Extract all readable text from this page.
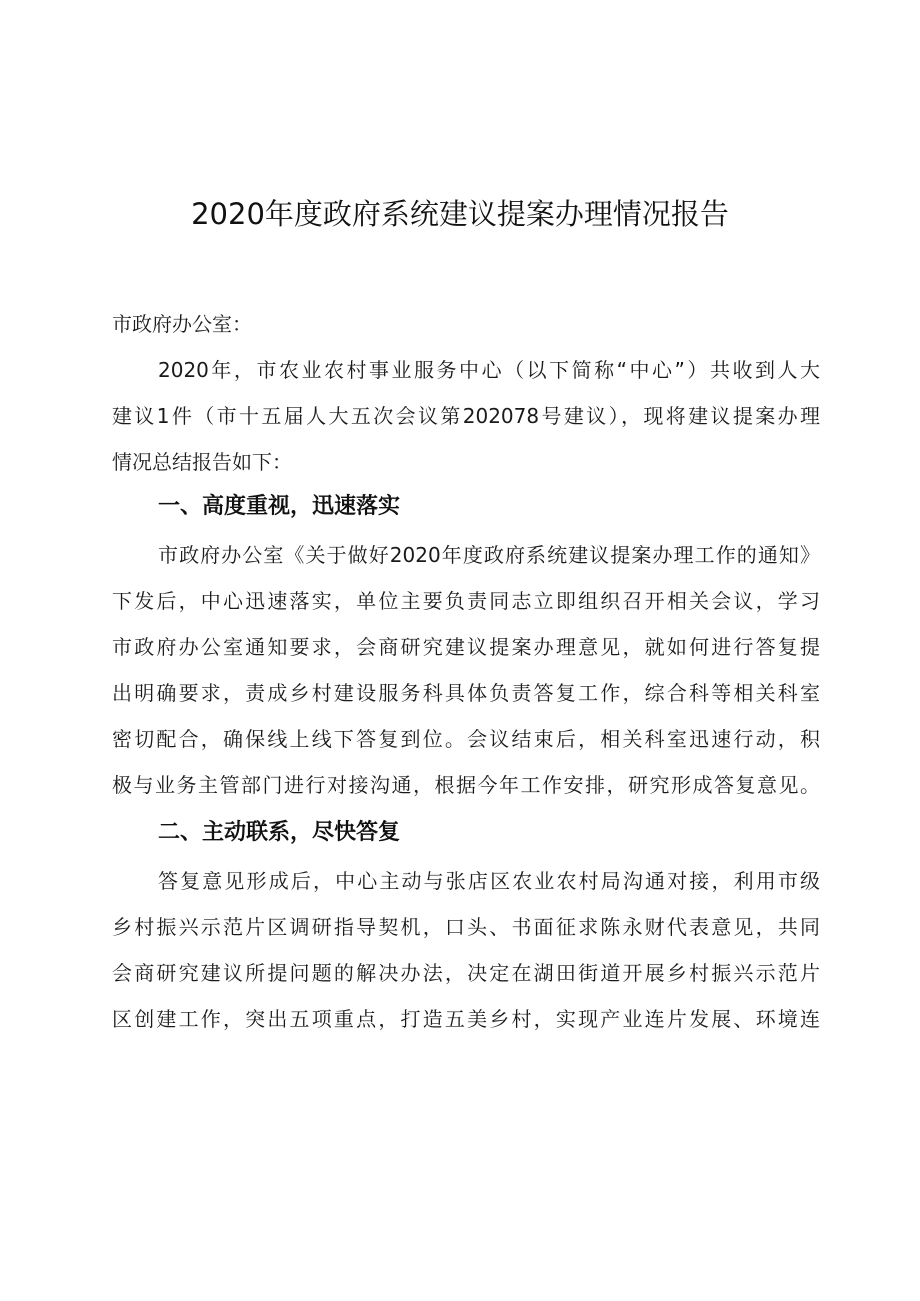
2020年度政府系统建议提案办理情况报告
市政府办公室：
2020年，市农业农村事业服务中心（以下简称“中心”）共收到人大
建议1件（市十五届人大五次会议第202078号建议），现将建议提案办理
情况总结报告如下：
一、高度重视，迅速落实
市政府办公室《关于做好2020年度政府系统建议提案办理工作的通知》
下发后，中心迅速落实，单位主要负责同志立即组织召开相关会议，学习
市政府办公室通知要求，会商研究建议提案办理意见，就如何进行答复提
出明确要求，责成乡村建设服务科具体负责答复工作，综合科等相关科室
密切配合，确保线上线下答复到位。会议结束后，相关科室迅速行动，积
极与业务主管部门进行对接沟通，根据今年工作安排，研究形成答复意见。
二、主动联系，尽快答复
答复意见形成后，中心主动与张店区农业农村局沟通对接，利用市级
乡村振兴示范片区调研指导契机，口头、书面征求陈永财代表意见，共同
会商研究建议所提问题的解决办法，决定在湖田街道开展乡村振兴示范片
区创建工作，突出五项重点，打造五美乡村，实现产业连片发展、环境连
